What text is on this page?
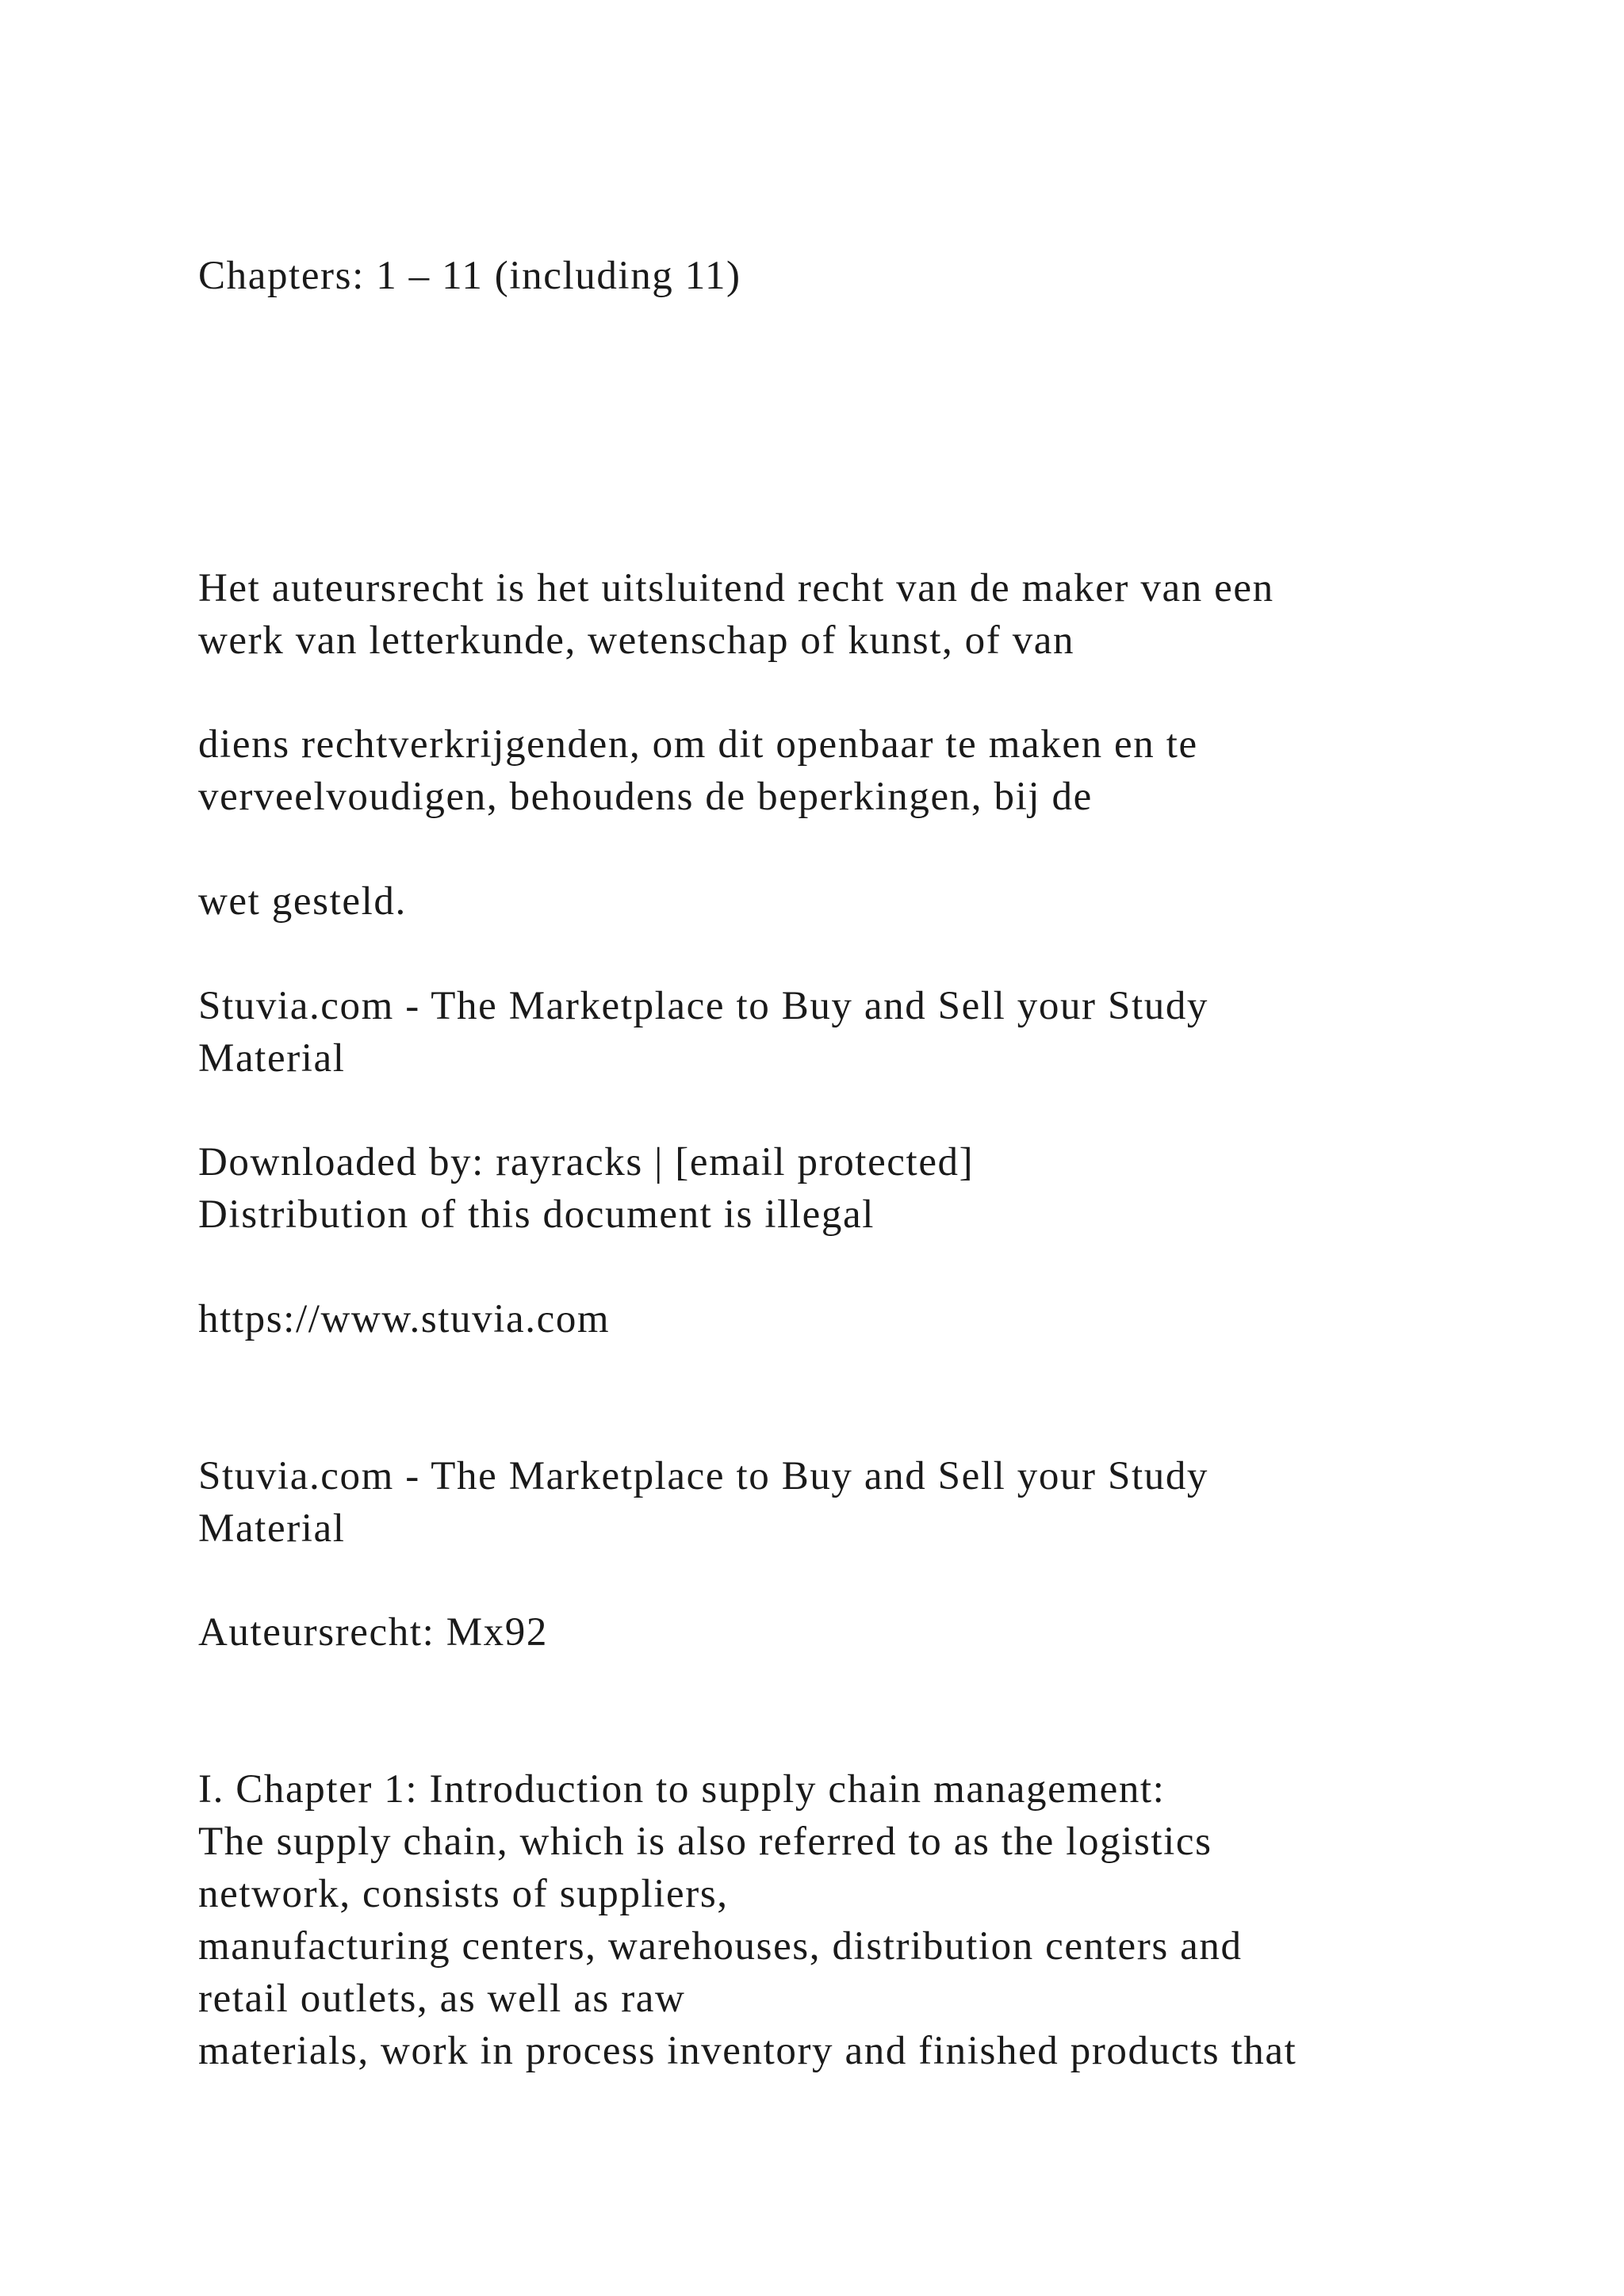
Chapters: 1 – 11 (including 11)

Het auteursrecht is het uitsluitend recht van de maker van een

werk van letterkunde, wetenschap of kunst, of van

diens rechtverkrijgenden, om dit openbaar te maken en te

verveelvoudigen, behoudens de beperkingen, bij de

wet gesteld.

Stuvia.com - The Marketplace to Buy and Sell your Study

Material

Downloaded by: rayracks | [email protected]

Distribution of this document is illegal

https://www.stuvia.com

Stuvia.com - The Marketplace to Buy and Sell your Study

Material

Auteursrecht: Mx92

I. Chapter 1: Introduction to supply chain management:

The supply chain, which is also referred to as the logistics

network, consists of suppliers,

manufacturing centers, warehouses, distribution centers and

retail outlets, as well as raw

materials, work in process inventory and finished products that
